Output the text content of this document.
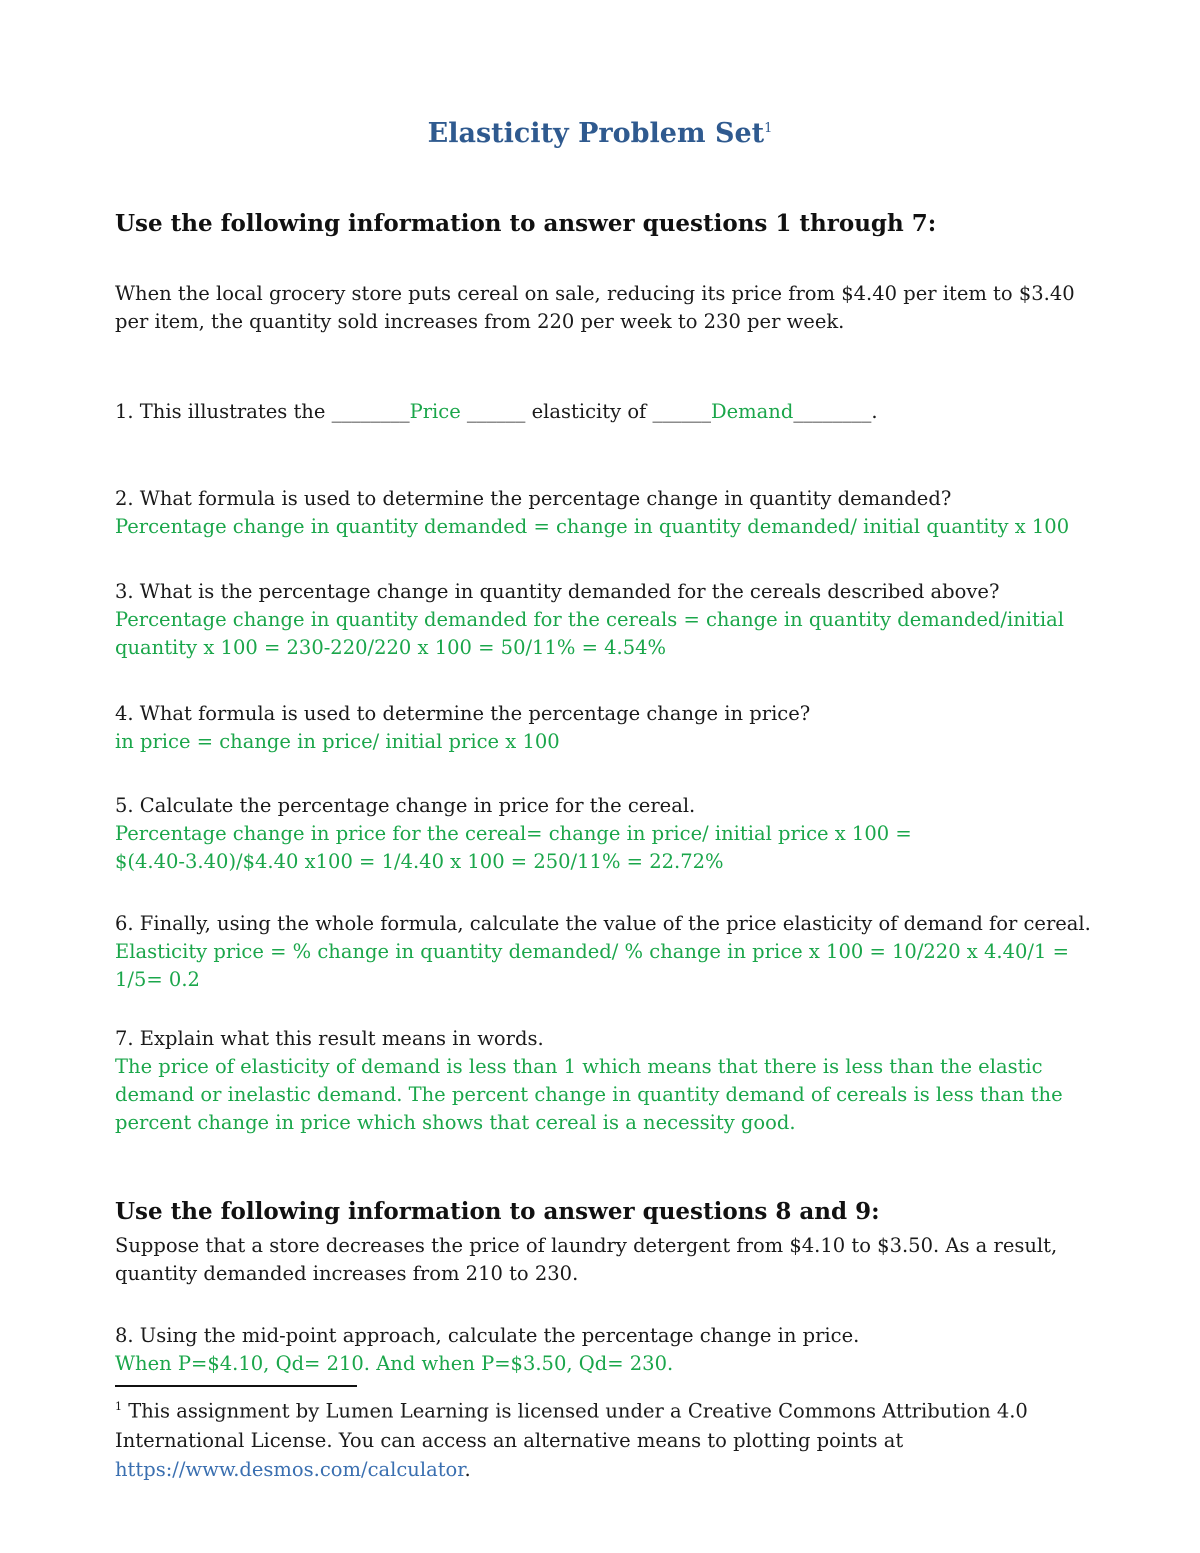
Elasticity Problem Set$^1$
Use the following information to answer questions 1 through 7:
When the local grocery store puts cereal on sale, reducing its price from $4.40 per item to $3.40
per item, the quantity sold increases from 220 per week to 230 per week.
1. This illustrates the ________Price ______ elasticity of ______Demand________.
2. What formula is used to determine the percentage change in quantity demanded?
Percentage change in quantity demanded = change in quantity demanded/ initial quantity x 100
3. What is the percentage change in quantity demanded for the cereals described above?
Percentage change in quantity demanded for the cereals = change in quantity demanded/initial
quantity x 100 = 230-220/220 x 100 = 50/11% = 4.54%
4. What formula is used to determine the percentage change in price?
in price = change in price/ initial price x 100
5. Calculate the percentage change in price for the cereal.
Percentage change in price for the cereal= change in price/ initial price x 100 =
$(4.40-3.40)/$4.40 x100 = 1/4.40 x 100 = 250/11% = 22.72%
6. Finally, using the whole formula, calculate the value of the price elasticity of demand for cereal.
Elasticity price = % change in quantity demanded/ % change in price x 100 = 10/220 x 4.40/1 =
1/5= 0.2
7. Explain what this result means in words.
The price of elasticity of demand is less than 1 which means that there is less than the elastic
demand or inelastic demand. The percent change in quantity demand of cereals is less than the
percent change in price which shows that cereal is a necessity good.
Use the following information to answer questions 8 and 9:
Suppose that a store decreases the price of laundry detergent from $4.10 to $3.50. As a result,
quantity demanded increases from 210 to 230.
8. Using the mid-point approach, calculate the percentage change in price.
When P=$4.10, Qd= 210. And when P=$3.50, Qd= 230.
$^1$ This assignment by Lumen Learning is licensed under a Creative Commons Attribution 4.0
International License. You can access an alternative means to plotting points at
https://www.desmos.com/calculator.
